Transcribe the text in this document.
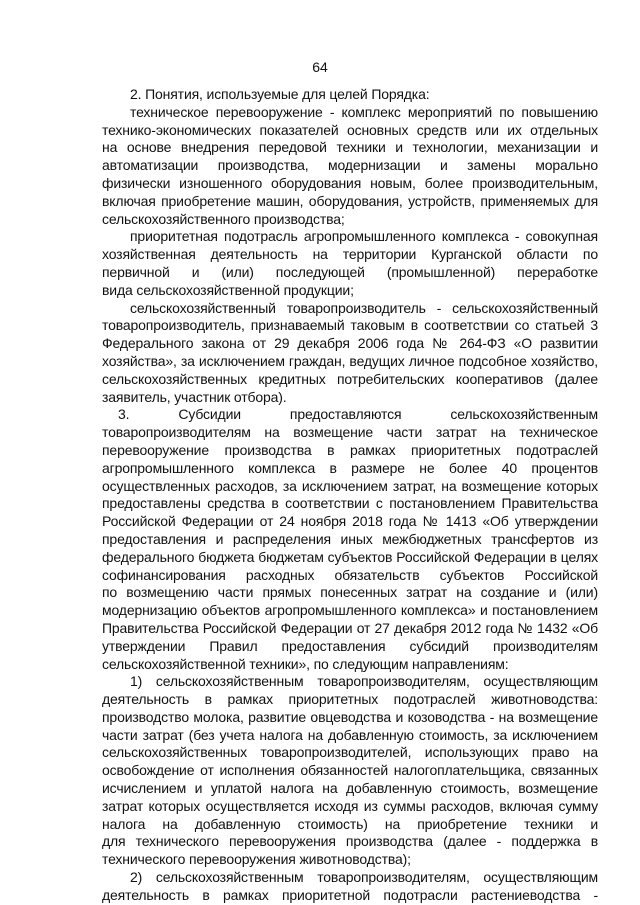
64
2. Понятия, используемые для целей Порядка:
техническое перевооружение - комплекс мероприятий по повышению
технико-экономических показателей основных средств или их отдельных
на основе внедрения передовой техники и технологии, механизации и
автоматизации производства, модернизации и замены морально
физически изношенного оборудования новым, более производительным,
включая приобретение машин, оборудования, устройств, применяемых для
сельскохозяйственного производства;
приоритетная подотрасль агропромышленного комплекса - совокупная
хозяйственная деятельность на территории Курганской области по
первичной и (или) последующей (промышленной) переработке
вида сельскохозяйственной продукции;
сельскохозяйственный товаропроизводитель - сельскохозяйственный
товаропроизводитель, признаваемый таковым в соответствии со статьей 3
Федерального закона от 29 декабря 2006 года № 264-ФЗ «О развитии
хозяйства», за исключением граждан, ведущих личное подсобное хозяйство,
сельскохозяйственных кредитных потребительских кооперативов (далее
заявитель, участник отбора).
3. Субсидии предоставляются сельскохозяйственным
товаропроизводителям на возмещение части затрат на техническое
перевооружение производства в рамках приоритетных подотраслей
агропромышленного комплекса в размере не более 40 процентов
осуществленных расходов, за исключением затрат, на возмещение которых
предоставлены средства в соответствии с постановлением Правительства
Российской Федерации от 24 ноября 2018 года № 1413 «Об утверждении
предоставления и распределения иных межбюджетных трансфертов из
федерального бюджета бюджетам субъектов Российской Федерации в целях
софинансирования расходных обязательств субъектов Российской
по возмещению части прямых понесенных затрат на создание и (или)
модернизацию объектов агропромышленного комплекса» и постановлением
Правительства Российской Федерации от 27 декабря 2012 года № 1432 «Об
утверждении Правил предоставления субсидий производителям
сельскохозяйственной техники», по следующим направлениям:
1) сельскохозяйственным товаропроизводителям, осуществляющим
деятельность в рамках приоритетных подотраслей животноводства:
производство молока, развитие овцеводства и козоводства - на возмещение
части затрат (без учета налога на добавленную стоимость, за исключением
сельскохозяйственных товаропроизводителей, использующих право на
освобождение от исполнения обязанностей налогоплательщика, связанных
исчислением и уплатой налога на добавленную стоимость, возмещение
затрат которых осуществляется исходя из суммы расходов, включая сумму
налога на добавленную стоимость) на приобретение техники и
для технического перевооружения производства (далее - поддержка в
технического перевооружения животноводства);
2) сельскохозяйственным товаропроизводителям, осуществляющим
деятельность в рамках приоритетной подотрасли растениеводства -
